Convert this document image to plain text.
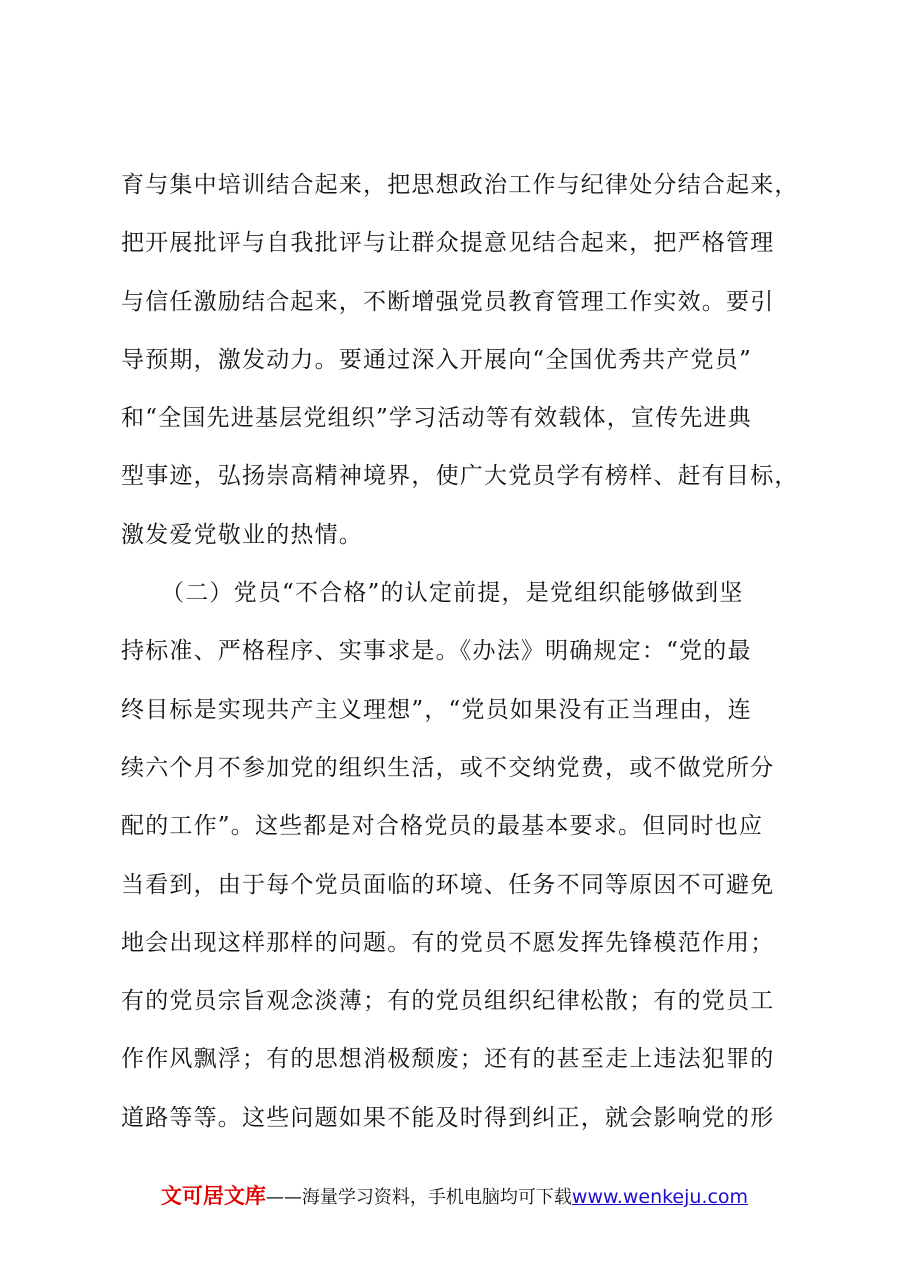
育与集中培训结合起来，把思想政治工作与纪律处分结合起来，
把开展批评与自我批评与让群众提意见结合起来，把严格管理
与信任激励结合起来，不断增强党员教育管理工作实效。要引
导预期，激发动力。要通过深入开展向“全国优秀共产党员”
和“全国先进基层党组织”学习活动等有效载体，宣传先进典
型事迹，弘扬崇高精神境界，使广大党员学有榜样、赶有目标，
激发爱党敬业的热情。
（二）党员“不合格”的认定前提，是党组织能够做到坚
持标准、严格程序、实事求是。《办法》明确规定：“党的最
终目标是实现共产主义理想”，“党员如果没有正当理由，连
续六个月不参加党的组织生活，或不交纳党费，或不做党所分
配的工作”。这些都是对合格党员的最基本要求。但同时也应
当看到，由于每个党员面临的环境、任务不同等原因不可避免
地会出现这样那样的问题。有的党员不愿发挥先锋模范作用；
有的党员宗旨观念淡薄；有的党员组织纪律松散；有的党员工
作作风飘浮；有的思想消极颓废；还有的甚至走上违法犯罪的
道路等等。这些问题如果不能及时得到纠正，就会影响党的形
文可居文库——海量学习资料，手机电脑均可下载www.wenkeju.com
